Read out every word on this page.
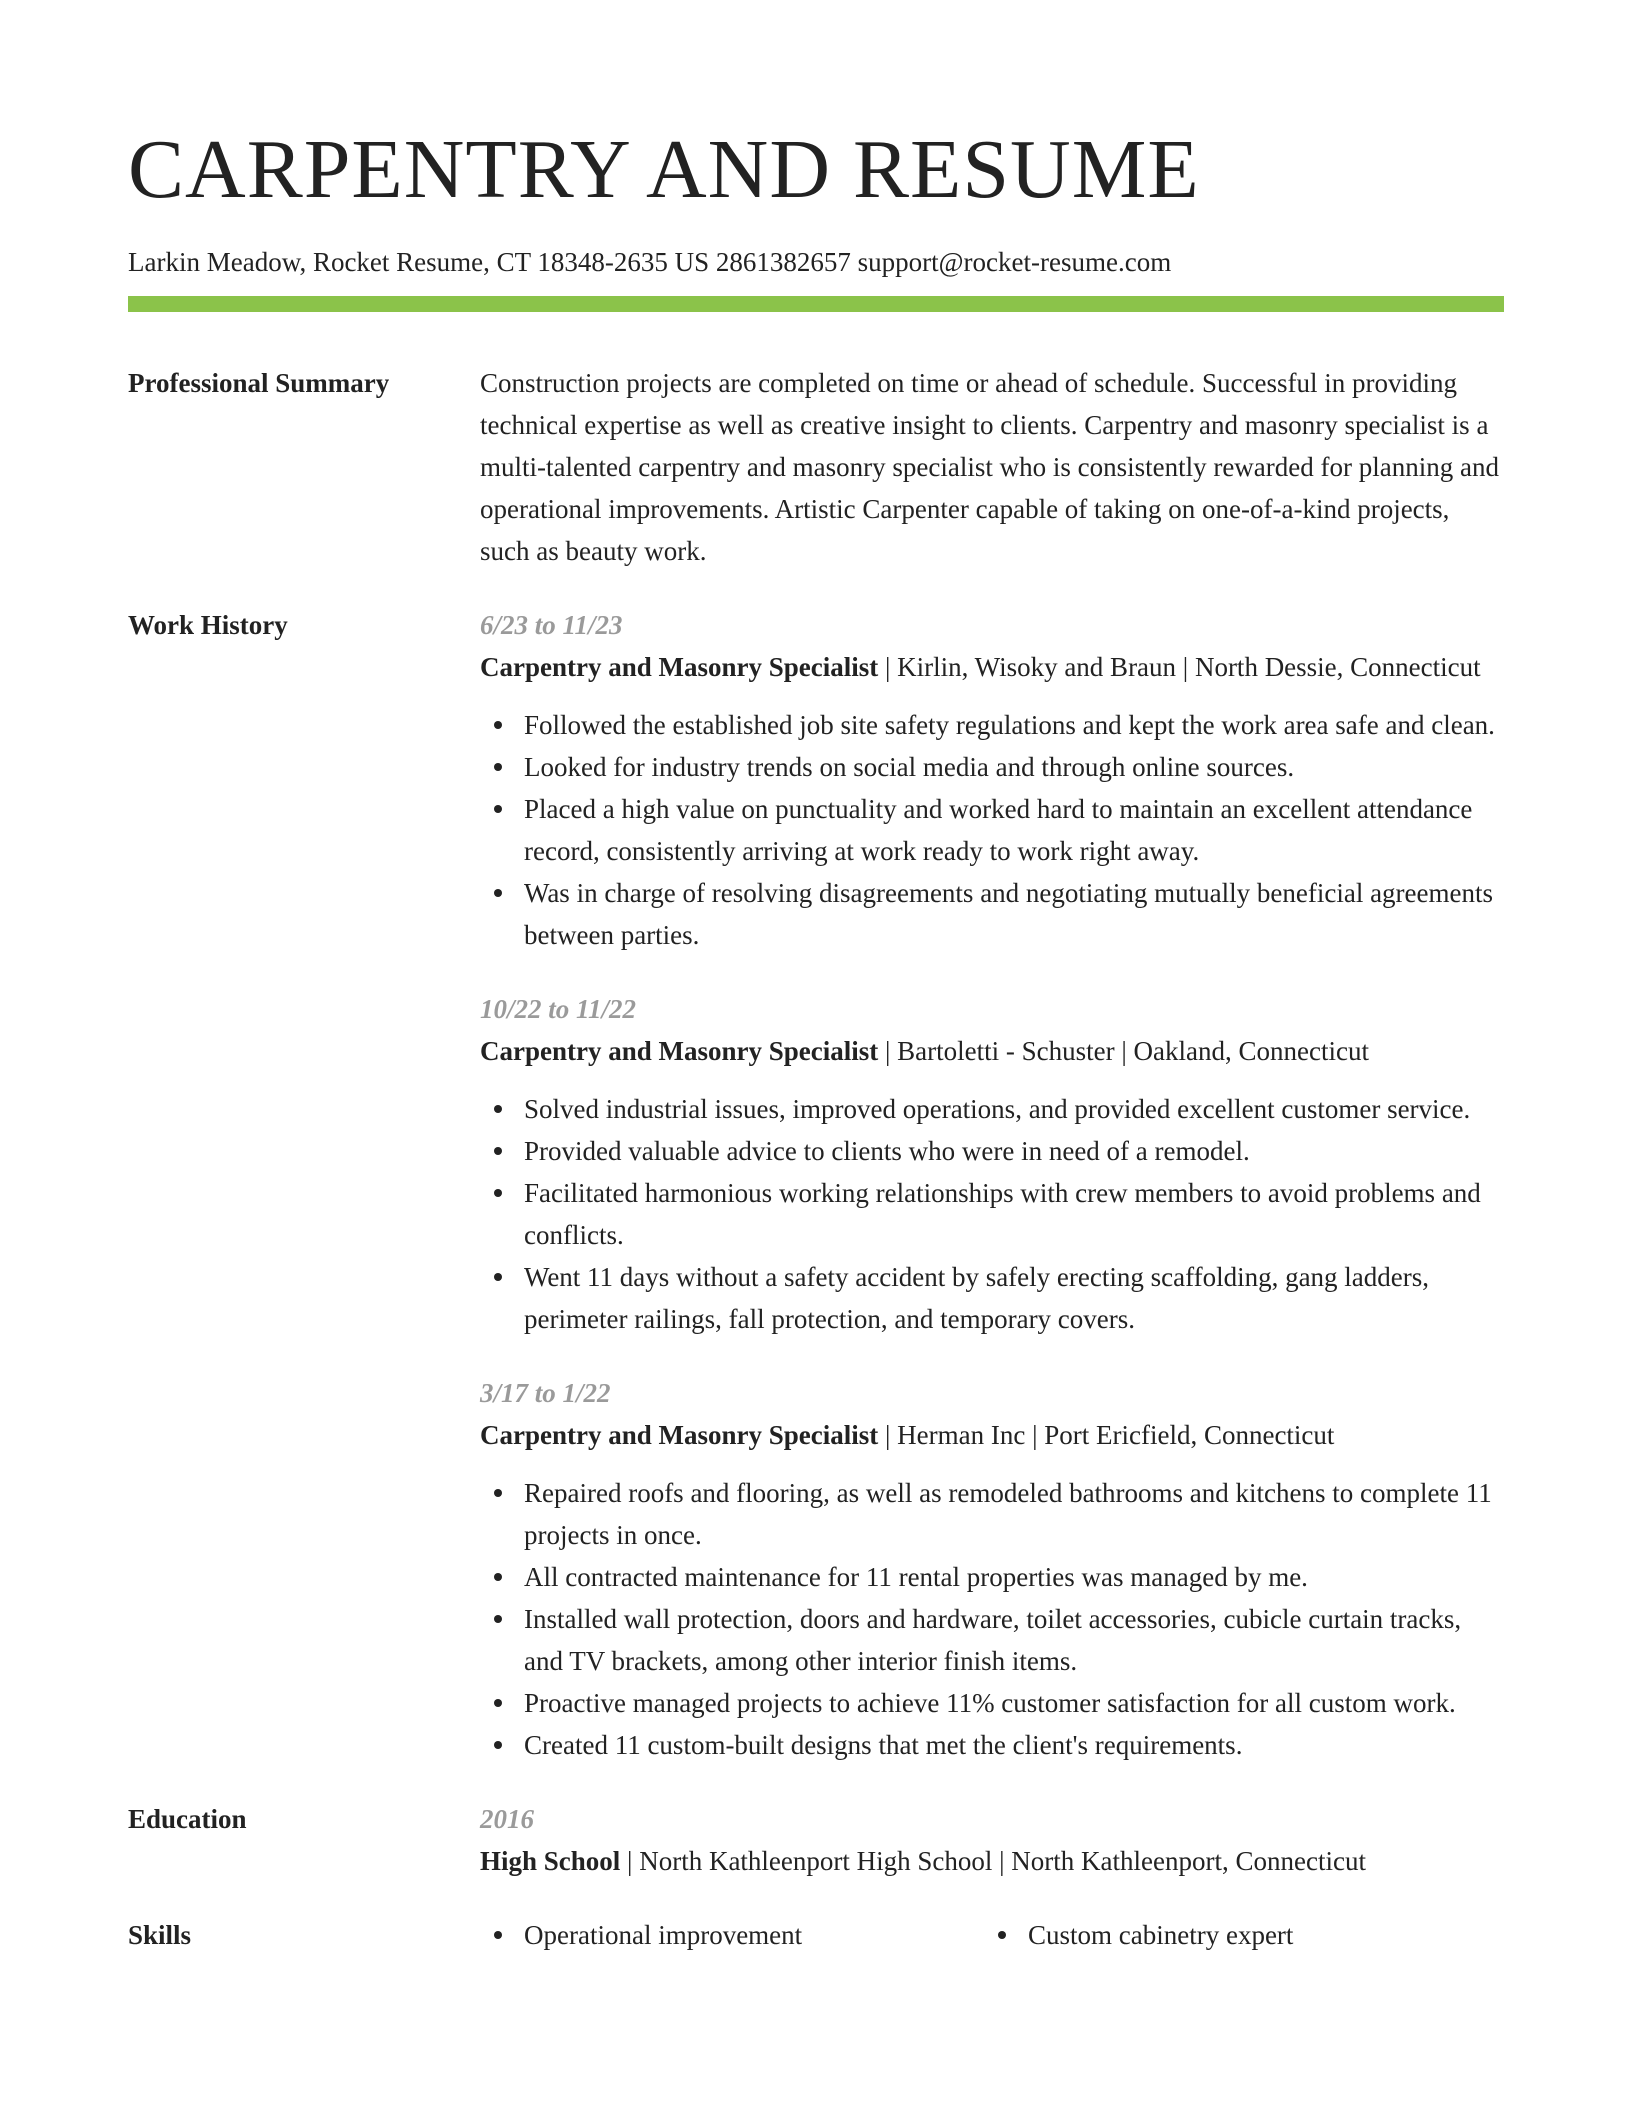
CARPENTRY AND RESUME
Larkin Meadow, Rocket Resume, CT 18348-2635 US 2861382657 support@rocket-resume.com
Professional Summary	Construction projects are completed on time or ahead of schedule. Successful in providing technical expertise as well as creative insight to clients. Carpentry and masonry specialist is a multi-talented carpentry and masonry specialist who is consistently rewarded for planning and operational improvements. Artistic Carpenter capable of taking on one-of-a-kind projects, such as beauty work.
Work History	6/23 to 11/23
Carpentry and Masonry Specialist | Kirlin, Wisoky and Braun | North Dessie, Connecticut
Followed the established job site safety regulations and kept the work area safe and clean.
Looked for industry trends on social media and through online sources.
Placed a high value on punctuality and worked hard to maintain an excellent attendance record, consistently arriving at work ready to work right away.
Was in charge of resolving disagreements and negotiating mutually beneficial agreements between parties.
10/22 to 11/22
Carpentry and Masonry Specialist | Bartoletti - Schuster | Oakland, Connecticut
Solved industrial issues, improved operations, and provided excellent customer service.
Provided valuable advice to clients who were in need of a remodel.
Facilitated harmonious working relationships with crew members to avoid problems and conflicts.
Went 11 days without a safety accident by safely erecting scaffolding, gang ladders, perimeter railings, fall protection, and temporary covers.
3/17 to 1/22
Carpentry and Masonry Specialist | Herman Inc | Port Ericfield, Connecticut
Repaired roofs and flooring, as well as remodeled bathrooms and kitchens to complete 11 projects in once.
All contracted maintenance for 11 rental properties was managed by me.
Installed wall protection, doors and hardware, toilet accessories, cubicle curtain tracks, and TV brackets, among other interior finish items.
Proactive managed projects to achieve 11% customer satisfaction for all custom work.
Created 11 custom-built designs that met the client's requirements.
Education	2016
High School | North Kathleenport High School | North Kathleenport, Connecticut
Skills	Operational improvement	Custom cabinetry expert
